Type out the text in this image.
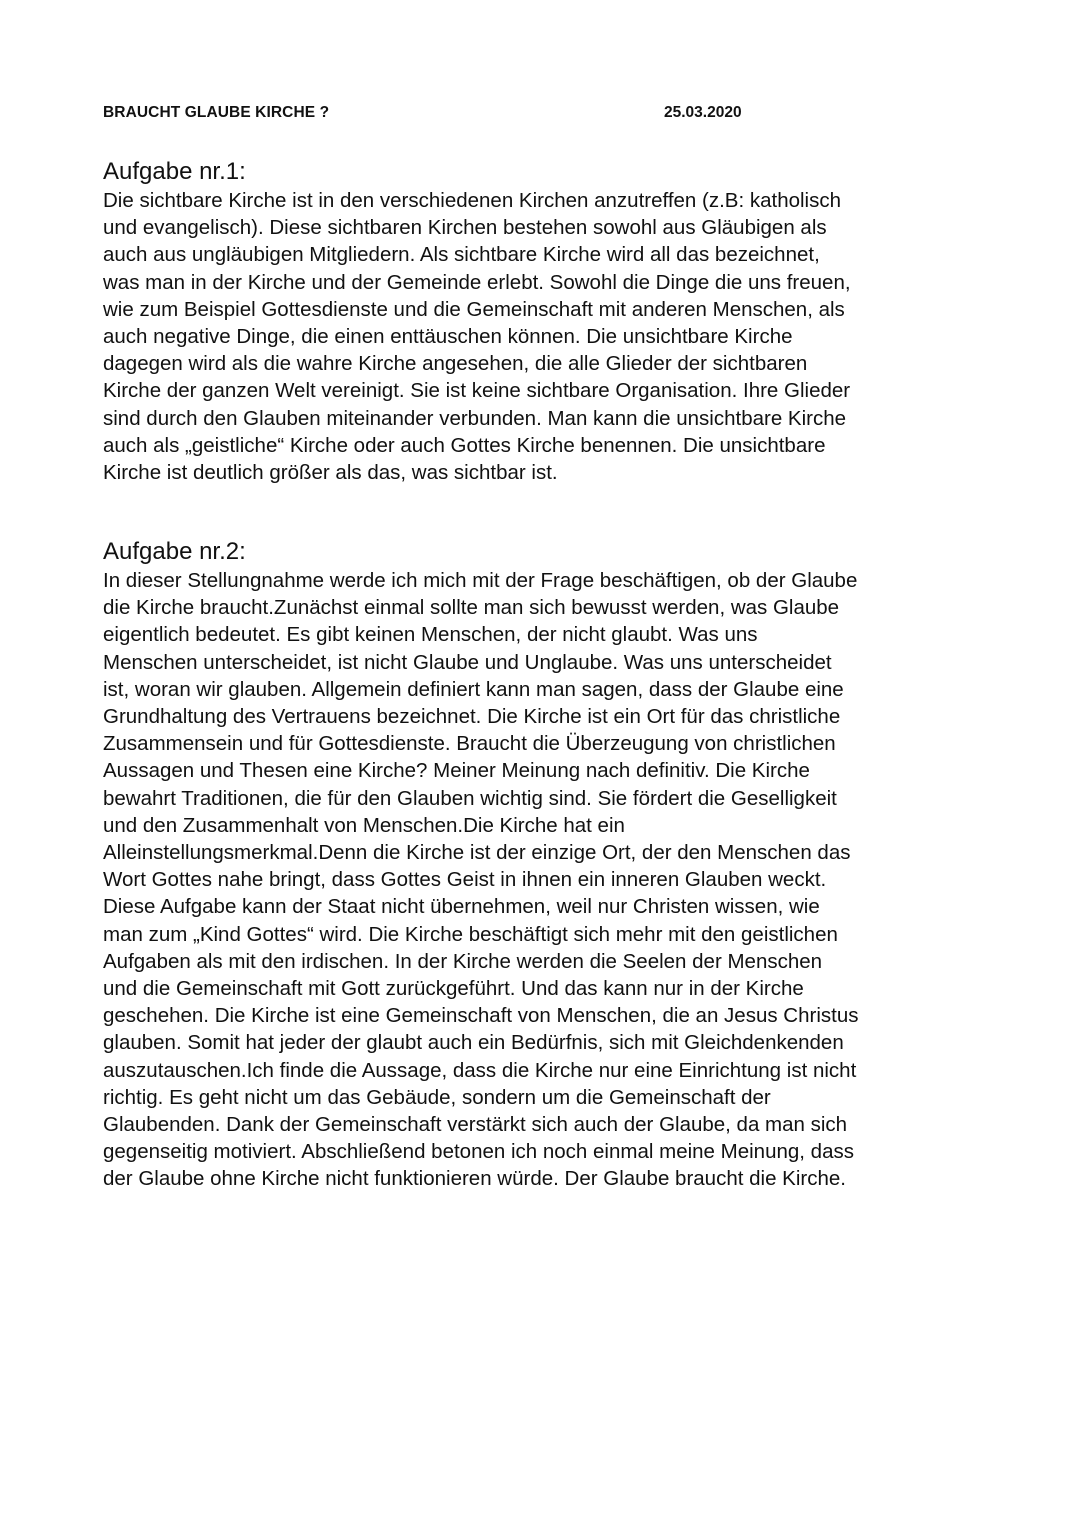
BRAUCHT GLAUBE KIRCHE ?	25.03.2020
Aufgabe nr.1:

Die sichtbare Kirche ist in den verschiedenen Kirchen anzutreffen (z.B: katholisch
und evangelisch). Diese sichtbaren Kirchen bestehen sowohl aus Gläubigen als
auch aus ungläubigen Mitgliedern. Als sichtbare Kirche wird all das bezeichnet,
was man in der Kirche und der Gemeinde erlebt. Sowohl die Dinge die uns freuen,
wie zum Beispiel Gottesdienste und die Gemeinschaft mit anderen Menschen, als
auch negative Dinge, die einen enttäuschen können. Die unsichtbare Kirche
dagegen wird als die wahre Kirche angesehen, die alle Glieder der sichtbaren
Kirche der ganzen Welt vereinigt. Sie ist keine sichtbare Organisation. Ihre Glieder
sind durch den Glauben miteinander verbunden. Man kann die unsichtbare Kirche
auch als „geistliche“ Kirche oder auch Gottes Kirche benennen. Die unsichtbare
Kirche ist deutlich größer als das, was sichtbar ist.

Aufgabe nr.2:

In dieser Stellungnahme werde ich mich mit der Frage beschäftigen, ob der Glaube
die Kirche braucht.Zunächst einmal sollte man sich bewusst werden, was Glaube
eigentlich bedeutet. Es gibt keinen Menschen, der nicht glaubt. Was uns
Menschen unterscheidet, ist nicht Glaube und Unglaube. Was uns unterscheidet
ist, woran wir glauben. Allgemein definiert kann man sagen, dass der Glaube eine
Grundhaltung des Vertrauens bezeichnet. Die Kirche ist ein Ort für das christliche
Zusammensein und für Gottesdienste. Braucht die Überzeugung von christlichen
Aussagen und Thesen eine Kirche? Meiner Meinung nach definitiv. Die Kirche
bewahrt Traditionen, die für den Glauben wichtig sind. Sie fördert die Geselligkeit
und den Zusammenhalt von Menschen.Die Kirche hat ein
Alleinstellungsmerkmal.Denn die Kirche ist der einzige Ort, der den Menschen das
Wort Gottes nahe bringt, dass Gottes Geist in ihnen ein inneren Glauben weckt.
Diese Aufgabe kann der Staat nicht übernehmen, weil nur Christen wissen, wie
man zum „Kind Gottes“ wird. Die Kirche beschäftigt sich mehr mit den geistlichen
Aufgaben als mit den irdischen. In der Kirche werden die Seelen der Menschen
und die Gemeinschaft mit Gott zurückgeführt. Und das kann nur in der Kirche
geschehen. Die Kirche ist eine Gemeinschaft von Menschen, die an Jesus Christus
glauben. Somit hat jeder der glaubt auch ein Bedürfnis, sich mit Gleichdenkenden
auszutauschen.Ich finde die Aussage, dass die Kirche nur eine Einrichtung ist nicht
richtig. Es geht nicht um das Gebäude, sondern um die Gemeinschaft der
Glaubenden. Dank der Gemeinschaft verstärkt sich auch der Glaube, da man sich
gegenseitig motiviert. Abschließend betonen ich noch einmal meine Meinung, dass
der Glaube ohne Kirche nicht funktionieren würde. Der Glaube braucht die Kirche.
